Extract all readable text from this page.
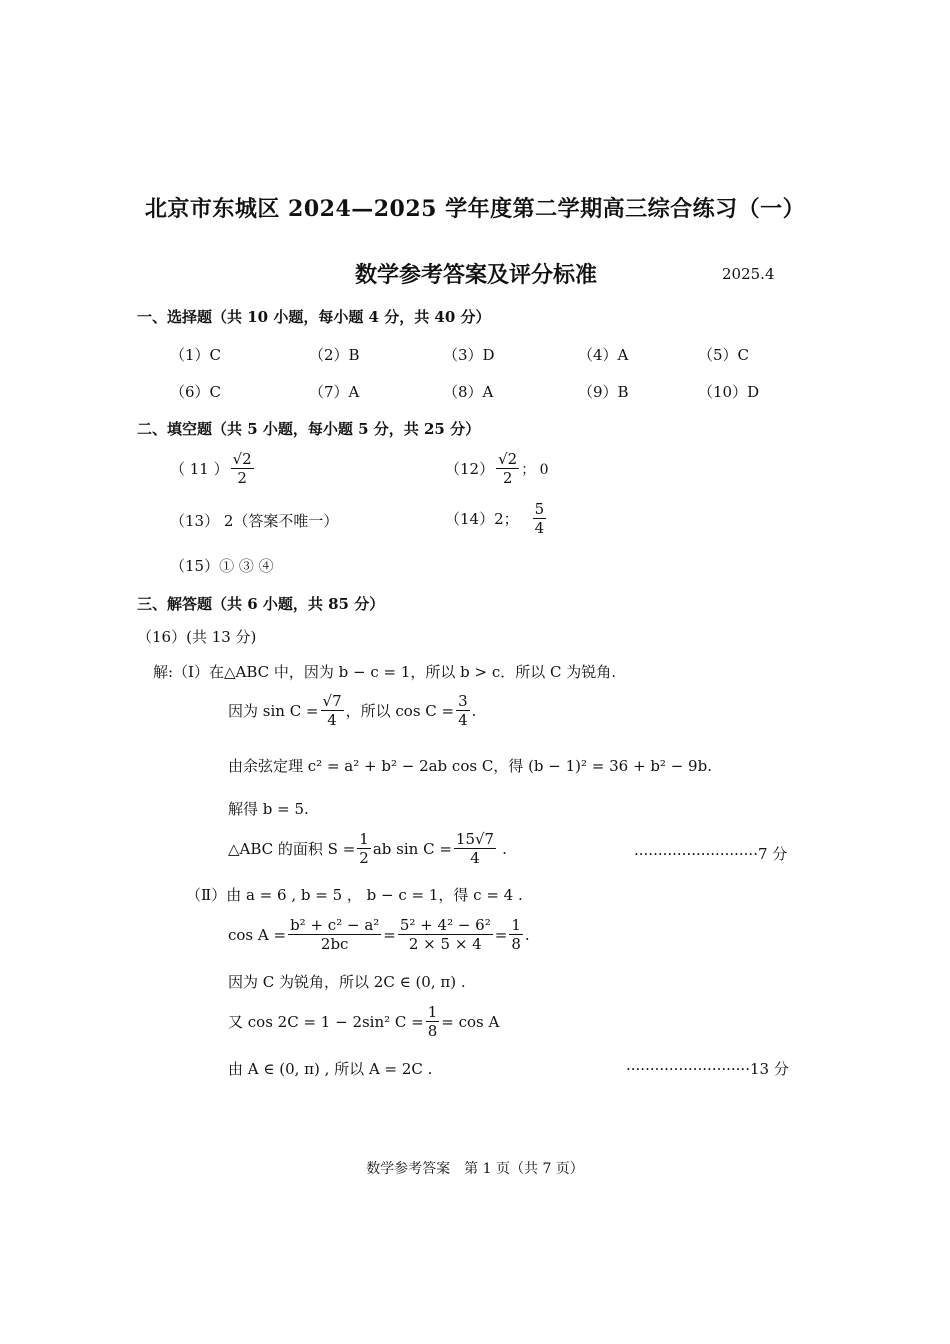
北京市东城区 2024—2025 学年度第二学期高三综合练习（一）
数学参考答案及评分标准	2025.4
一、选择题（共 10 小题，每小题 4 分，共 40 分）
（1）C	（2）B	（3）D	（4）A	（5）C
（6）C	（7）A	（8）A	（9）B	（10）D
二、填空题（共 5 小题，每小题 5 分，共 25 分）
（ 11 ） $\frac{√2}{2}$	$(12) \frac{√2}{2}$ ； 0
（13） 2（答案不唯一）	（14）2； $\frac{5}{4}$
（15）① ③ ④
三、解答题（共 6 小题，共 85 分）
（16）(共 13 分)
解:（Ⅰ）在△ABC 中，因为 b − c = 1，所以 b > c．所以 C 为锐角.
因为 $\sin C = \frac{√7}{4}$ ，所以 $\cos C = \frac{3}{4}$ .
由余弦定理 c² = a² + b² − 2ab cos C，得 (b − 1)² = 36 + b² − 9b.
解得 b = 5.
△ABC 的面积 $S = \frac{1}{2}$ ab $\sin C = \frac{15√7}{4}$ .	··························7 分
（Ⅱ）由 a = 6 , b = 5 ， b − c = 1，得 c = 4 .
$\cos A = \frac{\text{b² + c² − a²}}{2bc} = \frac{\text{5² + 4² − 6²}}{2 \times 5 \times 4} = \frac{1}{8}$ .
因为 C 为锐角，所以 2C ∈ (0, π) .
又 cos 2C = 1 − 2sin² $C = \frac{1}{8} = \cos A$
由 A ∈ (0, π) , 所以 A = 2C .	··························13 分
数学参考答案　第 1 页（共 7 页）
